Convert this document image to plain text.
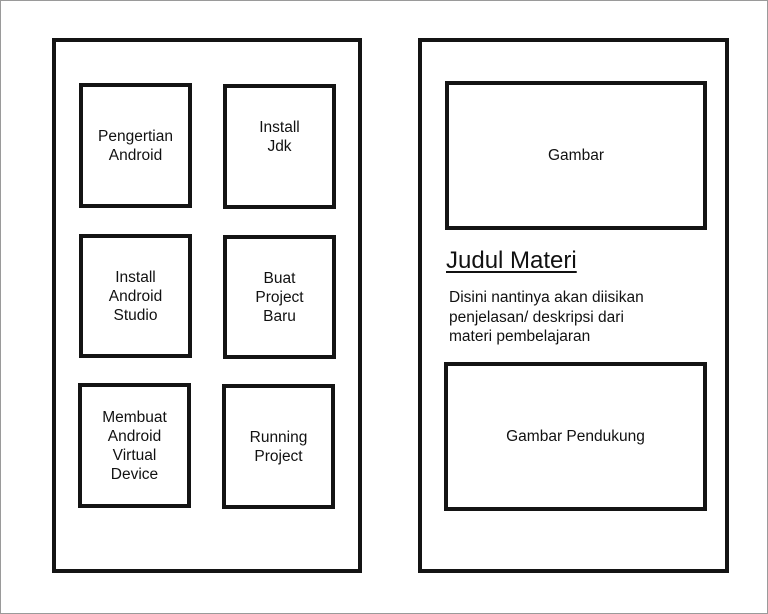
Pengertian
Android
Install
Jdk
Install
Android
Studio
Buat
Project
Baru
Membuat
Android
Virtual
Device
Running
Project
Gambar
Judul Materi
Disini nantinya akan diisikan
penjelasan/ deskripsi dari
materi pembelajaran
Gambar Pendukung
